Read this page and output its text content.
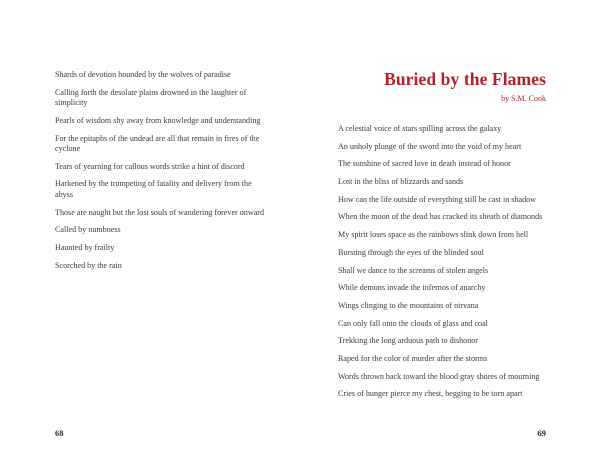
Shards of devotion hounded by the wolves of paradise

Calling forth the desolate plains drowned in the laughter of simplicity

Pearls of wisdom shy away from knowledge and understanding

For the epitaphs of the undead are all that remain in fires of the cyclone

Tears of yearning for callous words strike a hint of discord

Harkened by the trumpeting of fatality and delivery from the abyss

Those are naught but the lost souls of wandering forever onward

Called by numbness

Haunted by frailty

Scorched by the rain

68
Buried by the Flames
by S.M. Cook

A celestial voice of stars spilling across the galaxy

An unholy plunge of the sword into the void of my heart

The sunshine of sacred love in death instead of honor

Lost in the bliss of blizzards and sands

How can the life outside of everything still be cast in shadow

When the moon of the dead has cracked its sheath of diamonds

My spirit loses space as the rainbows slink down from hell

Bursting through the eyes of the blinded soul

Shall we dance to the screams of stolen angels

While demons invade the infernos of anarchy

Wings clinging to the mountains of nirvana

Can only fall onto the clouds of glass and coal

Trekking the long arduous path to dishonor

Raped for the color of murder after the storms

Words thrown back toward the blood gray shores of mourning

Cries of hunger pierce my chest, begging to be torn apart

69
